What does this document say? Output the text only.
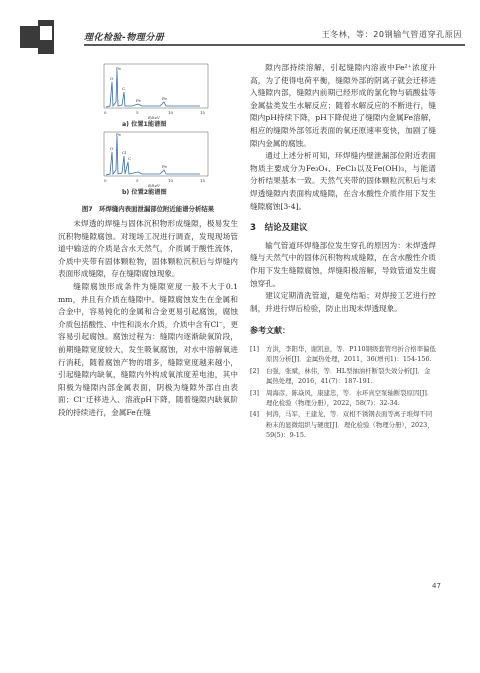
理化检验-物理分册	王冬林，等：20钢输气管道穿孔原因
O
Fe
C
Fe	Fe
0	5	10	15
E/keV
a) 位置1能谱图
O
Fe
Cl
C
Fe
0	5	10	15
E/keV
b) 位置2能谱图
图7　环焊缝内表面泄漏部位附近能谱分析结果

未焊透的焊缝与固体沉积物形成缝隙，极易发生沉积物缝隙腐蚀。对现场工况进行调查，发现现场管道中输送的介质是含水天然气，介质属于酸性流体，介质中夹带有固体颗粒物，固体颗粒沉积后与焊缝内表面形成缝隙，存在缝隙腐蚀现象。

缝隙腐蚀形成条件为缝隙宽度一般不大于0.1 mm，并且有介质在缝隙中。缝隙腐蚀发生在金属和合金中，容易钝化的金属和合金更易引起腐蚀，腐蚀介质包括酸性、中性和淡水介质，介质中含有Cl⁻，更容易引起腐蚀。腐蚀过程为：缝隙内逐渐缺氧阶段，前期缝隙宽度较大，发生吸氧腐蚀，对水中溶解氧进行消耗，随着腐蚀产物的增多，缝隙宽度越来越小，引起缝隙内缺氧，缝隙内外构成氧浓度差电池，其中阳极为缝隙内部金属表面，阴极为缝隙外部自由表面；Cl⁻迁移进入、溶液pH下降，随着缝隙内缺氧阶段的持续进行，金属Fe在缝

隙内部持续溶解，引起缝隙内溶液中Fe²⁺浓度升高，为了使得电荷平衡，缝隙外部的阴离子就会迁移进入缝隙内部，缝隙内前期已经形成的氯化物与硫酸盐等金属盐类发生水解反应；随着水解反应的不断进行，缝隙内pH持续下降，pH下降促进了缝隙内金属Fe溶解，相应的缝隙外部邻近表面的氧还原速率变快，加剧了缝隙内金属的腐蚀。

通过上述分析可知，环焊缝内壁泄漏部位附近表面物质主要成分为Fe₃O₄、FeCl₃以及Fe(OH)₃，与能谱分析结果基本一致。天然气夹带的固体颗粒沉积后与未焊透缝隙内表面构成缝隙，在含水酸性介质作用下发生缝隙腐蚀[3-4]。

3　结论及建议

输气管道环焊缝部位发生穿孔的原因为：未焊透焊缝与天然气中的固体沉积物构成缝隙，在含水酸性介质作用下发生缝隙腐蚀，焊缝阳极溶解，导致管道发生腐蚀穿孔。

建议定期清洗管道，避免结垢；对焊接工艺进行控制，并进行焊后检验，防止出现未焊透现象。

参考文献：
[1]	方洪，李阳华，谢凯意，等．P110钢级套管弯折合格率偏低原因分析[J]．金属热处理，2011，36(增刊1)：154-156.
[2]	白强，张斌，林伟，等．HL型抽油杆断裂失效分析[J]．金属热处理，2016，41(7)：187-191.
[3]	周海彦，陈焱风，康建忠，等．水环真空泵轴断裂原因[J]．理化检验（物理分册），2022，58(7)：32-34.
[4]	何涛，马军，王建龙，等．双相不锈钢表面等离子堆焊不同粉末的显微组织与硬度[J]．理化检验（物理分册），2023，59(5)：9-15.
47
